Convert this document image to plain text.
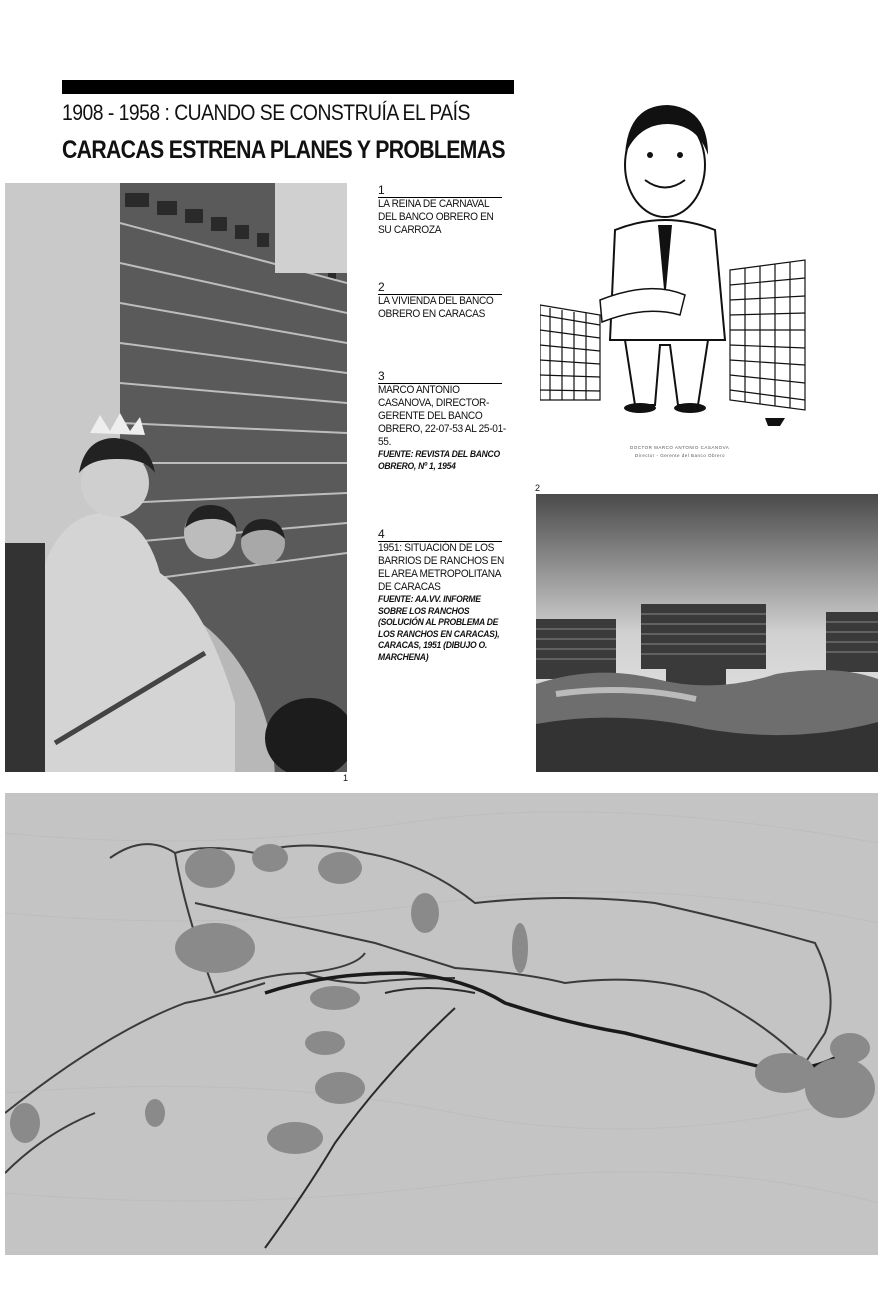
1908 - 1958 : CUANDO SE CONSTRUÍA EL PAÍS
CARACAS ESTRENA PLANES Y PROBLEMAS
1
1
LA REINA DE CARNAVAL DEL BANCO OBRERO EN SU CARROZA
2
LA VIVIENDA DEL BANCO OBRERO EN CARACAS
3
MARCO ANTONIO CASANOVA, DIRECTOR-GERENTE DEL BANCO OBRERO, 22-07-53 AL 25-01-55.
FUENTE: REVISTA DEL BANCO OBRERO, Nº 1, 1954
4
1951: SITUACIÓN DE LOS BARRIOS DE RANCHOS EN EL AREA METROPOLITANA DE CARACAS
FUENTE: AA.VV. INFORME SOBRE LOS RANCHOS (SOLUCIÓN AL PROBLEMA DE LOS RANCHOS EN CARACAS), CARACAS, 1951 (DIBUJO O. MARCHENA)
DOCTOR MARCO ANTONIO CASANOVA
Director - Gerente del Banco Obrero
2
